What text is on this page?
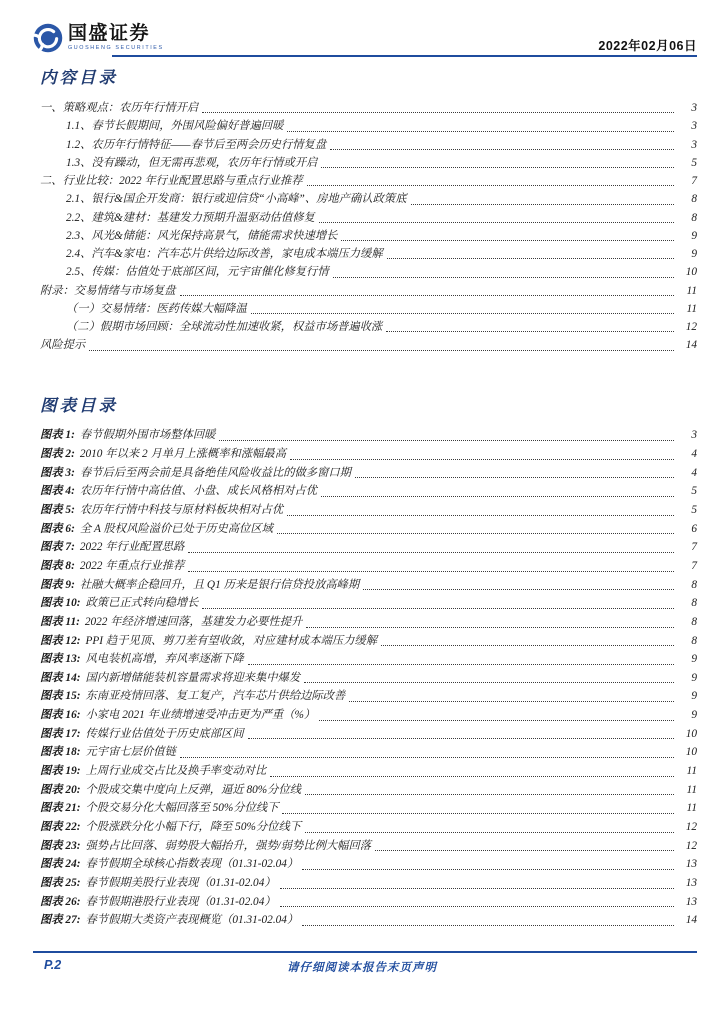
国盛证券
GUOSHENG SECURITIES	2022年02月06日
内容目录
一、策略观点：农历年行情开启	3
1.1、春节长假期间，外围风险偏好普遍回暖	3
1.2、农历年行情特征——春节后至两会历史行情复盘	3
1.3、没有躁动，但无需再悲观，农历年行情或开启	5
二、行业比较：2022 年行业配置思路与重点行业推荐	7
2.1、银行&国企开发商：银行或迎信贷“小高峰”、房地产确认政策底	8
2.2、建筑&建材：基建发力预期升温驱动估值修复	8
2.3、风光&储能：风光保持高景气，储能需求快速增长	9
2.4、汽车&家电：汽车芯片供给边际改善，家电成本端压力缓解	9
2.5、传媒：估值处于底部区间，元宇宙催化修复行情	10
附录：交易情绪与市场复盘	11
（一）交易情绪：医药传媒大幅降温	11
（二）假期市场回顾：全球流动性加速收紧，权益市场普遍收涨	12
风险提示	14
图表目录
图表 1: 春节假期外围市场整体回暖	3
图表 2: 2010 年以来 2 月单月上涨概率和涨幅最高	4
图表 3: 春节后后至两会前是具备绝佳风险收益比的做多窗口期	4
图表 4: 农历年行情中高估值、小盘、成长风格相对占优	5
图表 5: 农历年行情中科技与原材料板块相对占优	5
图表 6: 全 A 股权风险溢价已处于历史高位区域	6
图表 7: 2022 年行业配置思路	7
图表 8: 2022 年重点行业推荐	7
图表 9: 社融大概率企稳回升，且 Q1 历来是银行信贷投放高峰期	8
图表 10: 政策已正式转向稳增长	8
图表 11: 2022 年经济增速回落，基建发力必要性提升	8
图表 12: PPI 趋于见顶、剪刀差有望收敛，对应建材成本端压力缓解	8
图表 13: 风电装机高增，弃风率逐渐下降	9
图表 14: 国内新增储能装机容量需求将迎来集中爆发	9
图表 15: 东南亚疫情回落、复工复产，汽车芯片供给边际改善	9
图表 16: 小家电 2021 年业绩增速受冲击更为严重（%）	9
图表 17: 传媒行业估值处于历史底部区间	10
图表 18: 元宇宙七层价值链	10
图表 19: 上周行业成交占比及换手率变动对比	11
图表 20: 个股成交集中度向上反弹，逼近 80%分位线	11
图表 21: 个股交易分化大幅回落至 50%分位线下	11
图表 22: 个股涨跌分化小幅下行，降至 50%分位线下	12
图表 23: 强势占比回落、弱势股大幅抬升，强势/弱势比例大幅回落	12
图表 24: 春节假期全球核心指数表现（01.31-02.04）	13
图表 25: 春节假期美股行业表现（01.31-02.04）	13
图表 26: 春节假期港股行业表现（01.31-02.04）	13
图表 27: 春节假期大类资产表现概览（01.31-02.04）	14
P.2	请仔细阅读本报告末页声明
